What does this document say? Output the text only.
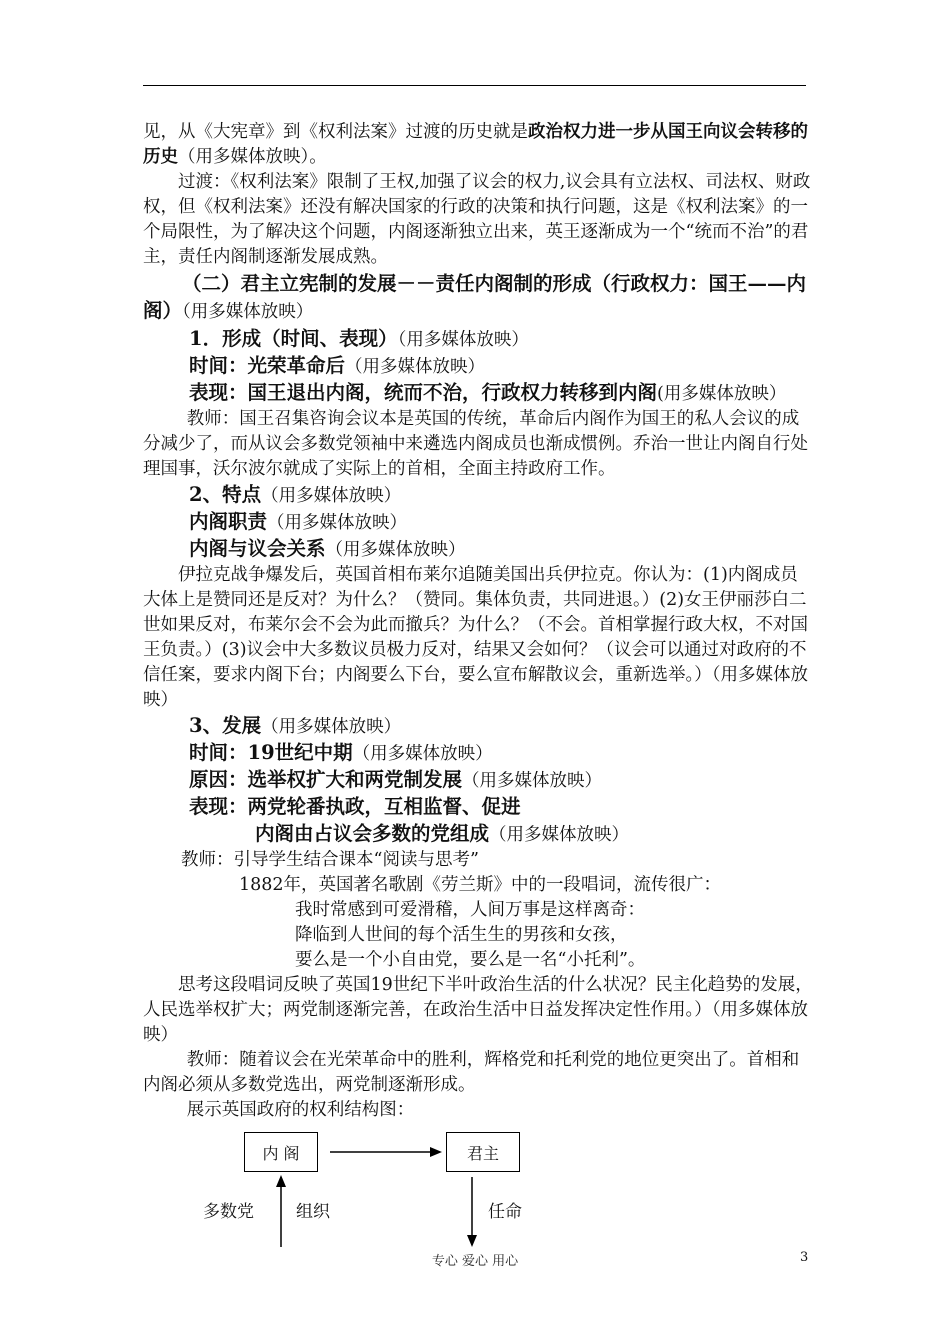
见，从《大宪章》到《权利法案》过渡的历史就是政治权力进一步从国王向议会转移的历史（用多媒体放映）。

过渡：《权利法案》限制了王权,加强了议会的权力,议会具有立法权、司法权、财政权，但《权利法案》还没有解决国家的行政的决策和执行问题，这是《权利法案》的一个局限性，为了解决这个问题，内阁逐渐独立出来，英王逐渐成为一个“统而不治”的君主，责任内阁制逐渐发展成熟。

（二）君主立宪制的发展－－责任内阁制的形成（行政权力：国王——内阁）（用多媒体放映）

1．形成（时间、表现）（用多媒体放映）

时间：光荣革命后（用多媒体放映）

表现：国王退出内阁，统而不治，行政权力转移到内阁(用多媒体放映）

教师：国王召集咨询会议本是英国的传统，革命后内阁作为国王的私人会议的成分减少了，而从议会多数党领袖中来遴选内阁成员也渐成惯例。乔治一世让内阁自行处理国事，沃尔波尔就成了实际上的首相，全面主持政府工作。

2、特点（用多媒体放映）

内阁职责（用多媒体放映）

内阁与议会关系（用多媒体放映）

伊拉克战争爆发后，英国首相布莱尔追随美国出兵伊拉克。你认为：(1)内阁成员大体上是赞同还是反对？为什么？（赞同。集体负责，共同进退。）(2)女王伊丽莎白二世如果反对，布莱尔会不会为此而撤兵？为什么？（不会。首相掌握行政大权，不对国王负责。）(3)议会中大多数议员极力反对，结果又会如何？（议会可以通过对政府的不信任案，要求内阁下台；内阁要么下台，要么宣布解散议会，重新选举。）（用多媒体放映）

3、发展（用多媒体放映）

时间：19世纪中期（用多媒体放映）

原因：选举权扩大和两党制发展（用多媒体放映）

表现：两党轮番执政，互相监督、促进

内阁由占议会多数的党组成（用多媒体放映）

教师：引导学生结合课本“阅读与思考”

1882年，英国著名歌剧《劳兰斯》中的一段唱词，流传很广：

我时常感到可爱滑稽，人间万事是这样离奇：

降临到人世间的每个活生生的男孩和女孩，

要么是一个小自由党，要么是一名“小托利”。

思考这段唱词反映了英国19世纪下半叶政治生活的什么状况？民主化趋势的发展，人民选举权扩大；两党制逐渐完善，在政治生活中日益发挥决定性作用。）（用多媒体放映）

教师：随着议会在光荣革命中的胜利，辉格党和托利党的地位更突出了。首相和内阁必须从多数党选出，两党制逐渐形成。

展示英国政府的权利结构图：

内 阁	君主
多数党 组织	任命
专心 爱心 用心	3
